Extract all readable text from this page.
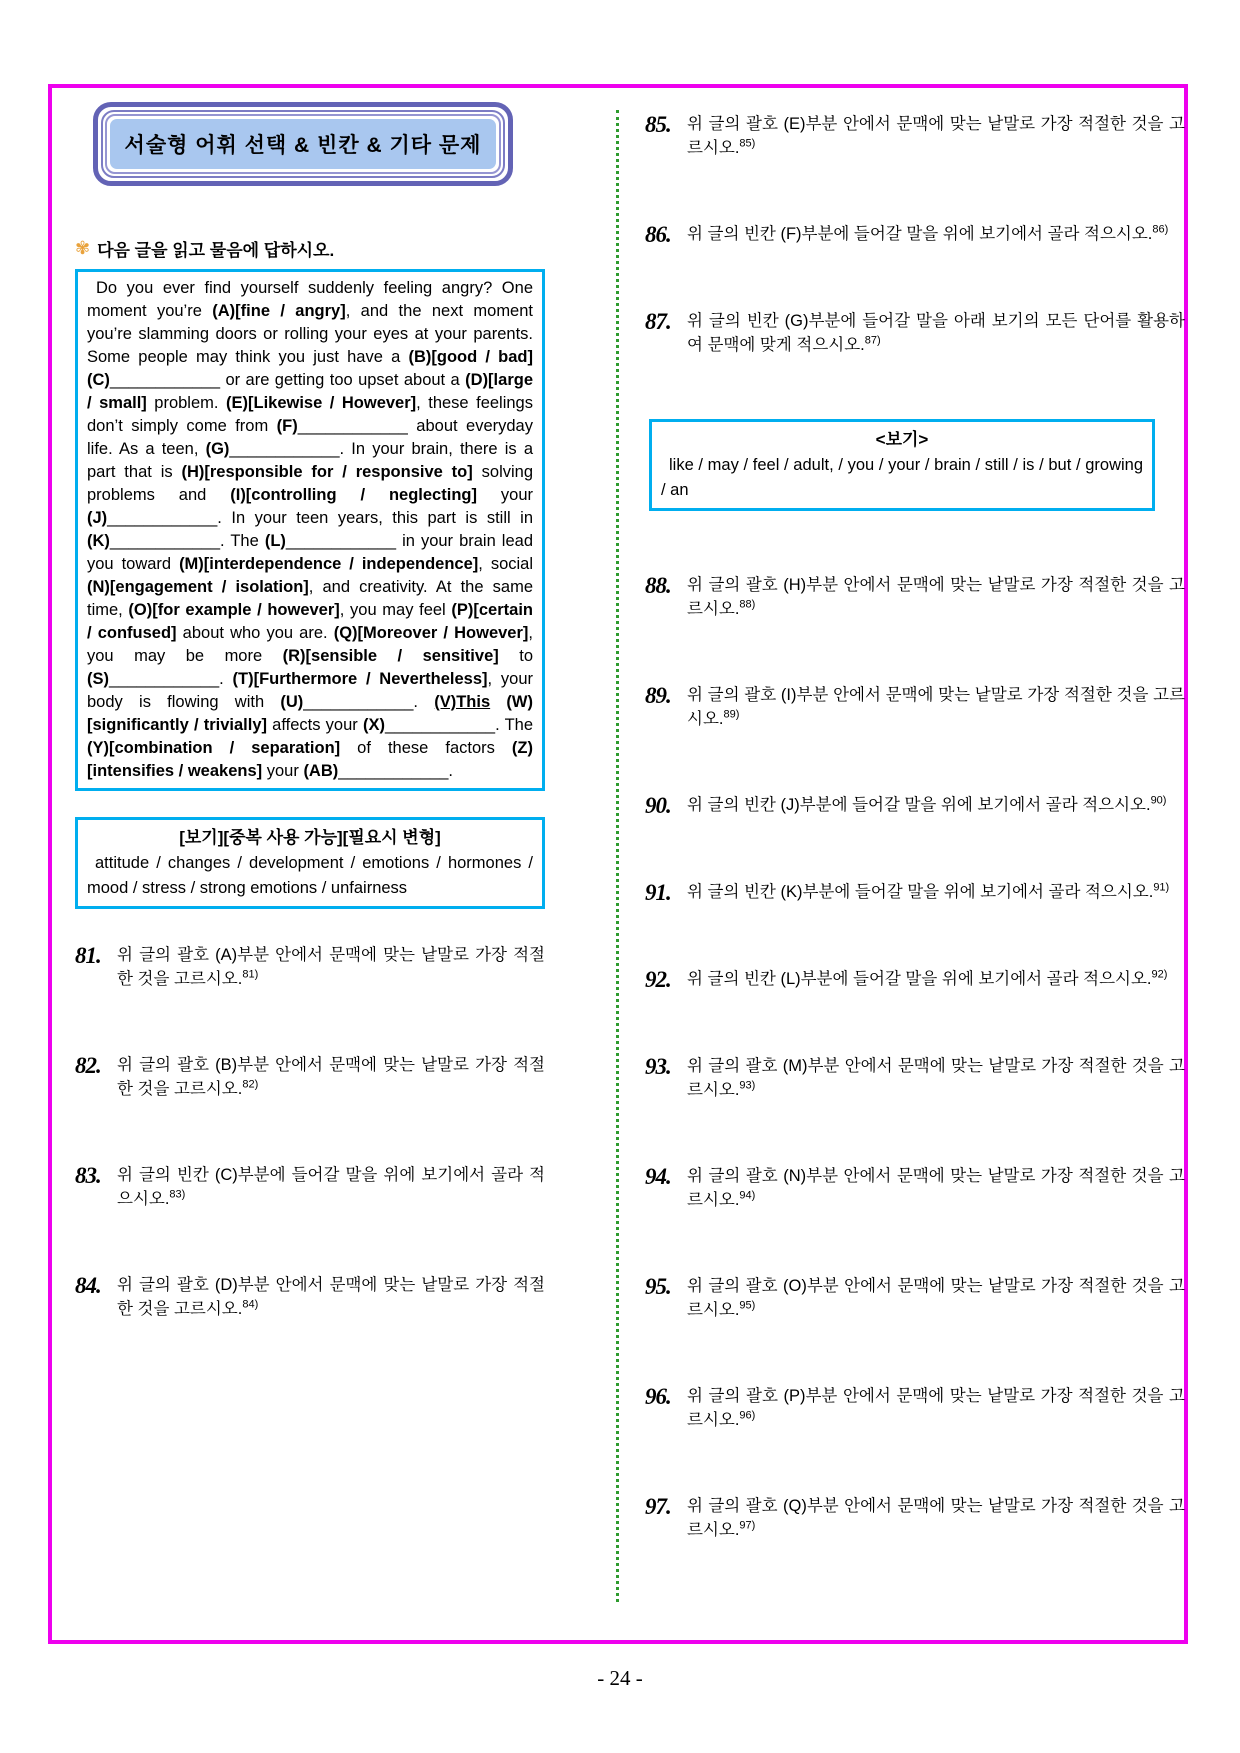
서술형 어휘 선택 & 빈칸 & 기타 문제
✾ 다음 글을 읽고 물음에 답하시오.

Do you ever find yourself suddenly feeling angry? One moment you’re (A)[fine / angry], and the next moment you’re slamming doors or rolling your eyes at your parents. Some people may think you just have a (B)[good / bad] (C)____________ or are getting too upset about a (D)[large / small] problem. (E)[Likewise / However], these feelings don’t simply come from (F)____________ about everyday life. As a teen, (G)____________. In your brain, there is a part that is (H)[responsible for / responsive to] solving problems and (I)[controlling / neglecting] your (J)____________. In your teen years, this part is still in (K)____________. The (L)____________ in your brain lead you toward (M)[interdependence / independence], social (N)[engagement / isolation], and creativity. At the same time, (O)[for example / however], you may feel (P)[certain / confused] about who you are. (Q)[Moreover / However], you may be more (R)[sensible / sensitive] to (S)____________. (T)[Furthermore / Nevertheless], your body is flowing with (U)____________. (V)This (W)[significantly / trivially] affects your (X)____________. The (Y)[combination / separation] of these factors (Z)[intensifies / weakens] your (AB)____________.

[보기][중복 사용 가능][필요시 변형]
attitude / changes / development / emotions / hormones / mood / stress / strong emotions / unfairness
81. 위 글의 괄호 (A)부분 안에서 문맥에 맞는 낱말로 가장 적절한 것을 고르시오.$^{81)}$
82. 위 글의 괄호 (B)부분 안에서 문맥에 맞는 낱말로 가장 적절한 것을 고르시오.$^{82)}$
83. 위 글의 빈칸 (C)부분에 들어갈 말을 위에 보기에서 골라 적으시오.$^{83)}$
84. 위 글의 괄호 (D)부분 안에서 문맥에 맞는 낱말로 가장 적절한 것을 고르시오.$^{84)}$
85. 위 글의 괄호 (E)부분 안에서 문맥에 맞는 낱말로 가장 적절한 것을 고르시오.$^{85)}$
86. 위 글의 빈칸 (F)부분에 들어갈 말을 위에 보기에서 골라 적으시오.$^{86)}$
87. 위 글의 빈칸 (G)부분에 들어갈 말을 아래 보기의 모든 단어를 활용하여 문맥에 맞게 적으시오.$^{87)}$
<보기>
like / may / feel / adult, / you / your / brain / still / is / but / growing / an
88. 위 글의 괄호 (H)부분 안에서 문맥에 맞는 낱말로 가장 적절한 것을 고르시오.$^{88)}$
89. 위 글의 괄호 (I)부분 안에서 문맥에 맞는 낱말로 가장 적절한 것을 고르시오.$^{89)}$
90. 위 글의 빈칸 (J)부분에 들어갈 말을 위에 보기에서 골라 적으시오.$^{90)}$
91. 위 글의 빈칸 (K)부분에 들어갈 말을 위에 보기에서 골라 적으시오.$^{91)}$
92. 위 글의 빈칸 (L)부분에 들어갈 말을 위에 보기에서 골라 적으시오.$^{92)}$
93. 위 글의 괄호 (M)부분 안에서 문맥에 맞는 낱말로 가장 적절한 것을 고르시오.$^{93)}$
94. 위 글의 괄호 (N)부분 안에서 문맥에 맞는 낱말로 가장 적절한 것을 고르시오.$^{94)}$
95. 위 글의 괄호 (O)부분 안에서 문맥에 맞는 낱말로 가장 적절한 것을 고르시오.$^{95)}$
96. 위 글의 괄호 (P)부분 안에서 문맥에 맞는 낱말로 가장 적절한 것을 고르시오.$^{96)}$
97. 위 글의 괄호 (Q)부분 안에서 문맥에 맞는 낱말로 가장 적절한 것을 고르시오.$^{97)}$
- 24 -
